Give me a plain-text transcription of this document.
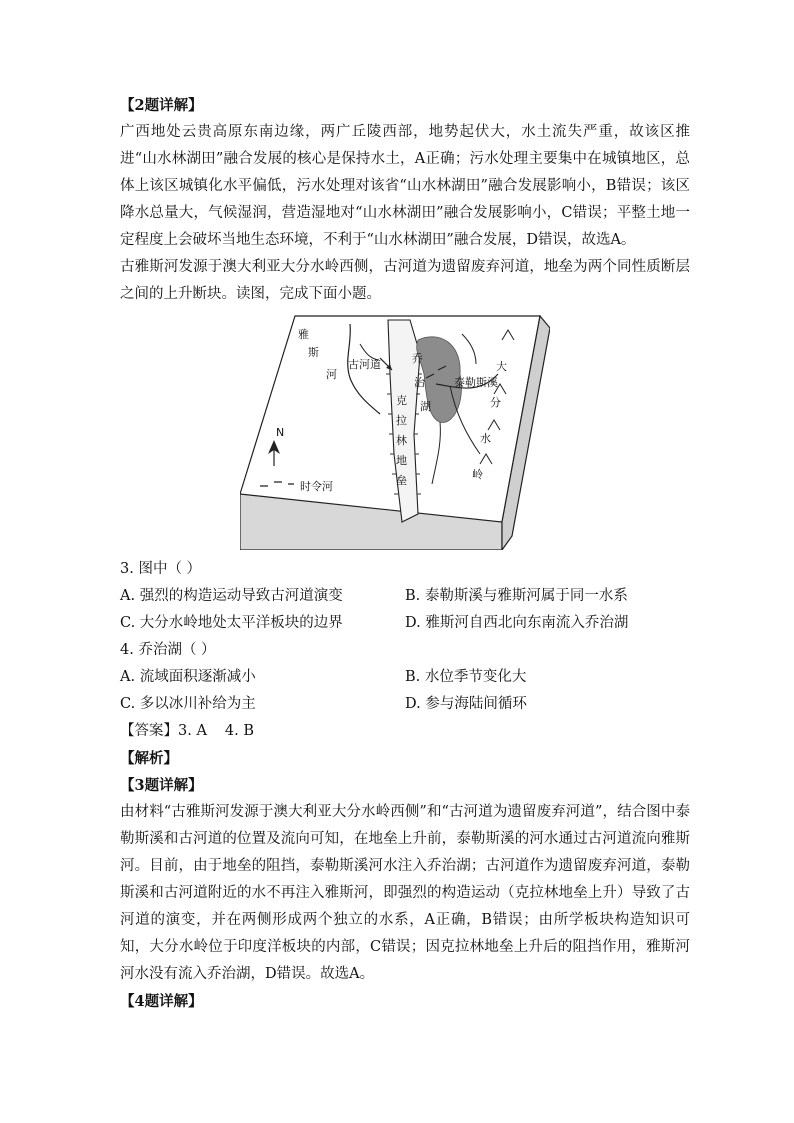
【2题详解】

广西地处云贵高原东南边缘，两广丘陵西部，地势起伏大，水土流失严重，故该区推进“山水林湖田”融合发展的核心是保持水土，A正确；污水处理主要集中在城镇地区，总体上该区城镇化水平偏低，污水处理对该省“山水林湖田”融合发展影响小，B错误；该区降水总量大，气候湿润，营造湿地对“山水林湖田”融合发展影响小，C错误；平整土地一定程度上会破坏当地生态环境，不利于“山水林湖田”融合发展，D错误，故选A。

古雅斯河发源于澳大利亚大分水岭西侧，古河道为遗留废弃河道，地垒为两个同性质断层之间的上升断块。读图，完成下面小题。

雅
斯
河
古河道	乔
治
湖
泰勒斯溪
大
分
水
岭
克
拉
林
地
垒
N
时令河

3. 图中（ ）

A. 强烈的构造运动导致古河道演变	B. 泰勒斯溪与雅斯河属于同一水系
C. 大分水岭地处太平洋板块的边界	D. 雅斯河自西北向东南流入乔治湖

4. 乔治湖（ ）

A. 流域面积逐渐减小	B. 水位季节变化大
C. 多以冰川补给为主	D. 参与海陆间循环

【答案】3. A 4. B

【解析】

【3题详解】

由材料“古雅斯河发源于澳大利亚大分水岭西侧”和“古河道为遗留废弃河道”，结合图中泰勒斯溪和古河道的位置及流向可知，在地垒上升前，泰勒斯溪的河水通过古河道流向雅斯河。目前，由于地垒的阻挡，泰勒斯溪河水注入乔治湖；古河道作为遗留废弃河道，泰勒斯溪和古河道附近的水不再注入雅斯河，即强烈的构造运动（克拉林地垒上升）导致了古河道的演变，并在两侧形成两个独立的水系，A正确，B错误；由所学板块构造知识可知，大分水岭位于印度洋板块的内部，C错误；因克拉林地垒上升后的阻挡作用，雅斯河河水没有流入乔治湖，D错误。故选A。

【4题详解】
